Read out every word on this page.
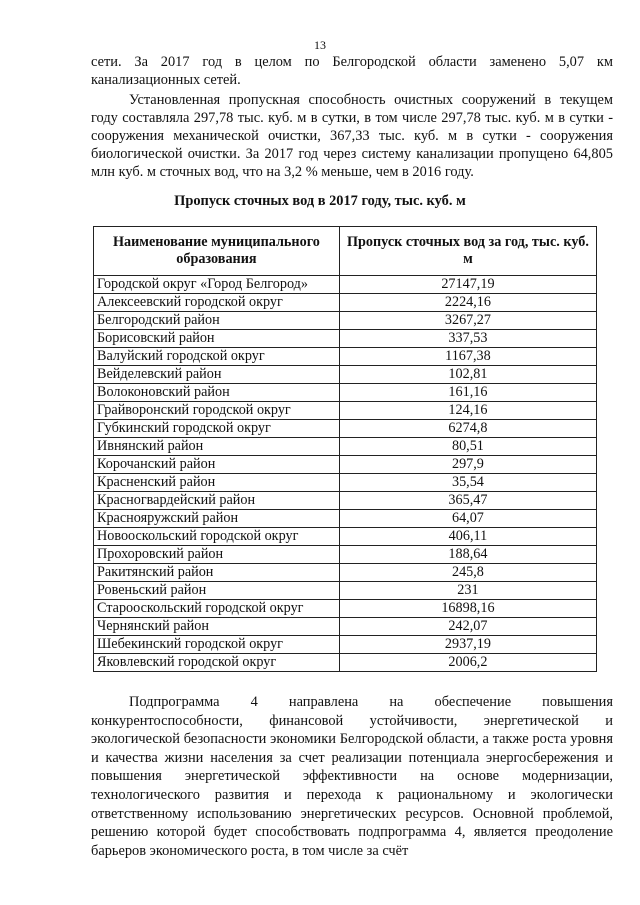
13

сети. За 2017 год в целом по Белгородской области заменено 5,07 км канализационных сетей.

Установленная пропускная способность очистных сооружений в текущем году составляла 297,78 тыс. куб. м в сутки, в том числе 297,78 тыс. куб. м в сутки - сооружения механической очистки, 367,33 тыс. куб. м в сутки - сооружения биологической очистки. За 2017 год через систему канализации пропущено 64,805 млн куб. м сточных вод, что на 3,2 % меньше, чем в 2016 году.

Пропуск сточных вод в 2017 году, тыс. куб. м
Наименование муниципального образования	Пропуск сточных вод за год, тыс. куб. м
Городской округ «Город Белгород»	27147,19
Алексеевский городской округ	2224,16
Белгородский район	3267,27
Борисовский район	337,53
Валуйский городской округ	1167,38
Вейделевский район	102,81
Волоконовский район	161,16
Грайворонский городской округ	124,16
Губкинский городской округ	6274,8
Ивнянский район	80,51
Корочанский район	297,9
Красненский район	35,54
Красногвардейский район	365,47
Краснояружский район	64,07
Новооскольский городской округ	406,11
Прохоровский район	188,64
Ракитянский район	245,8
Ровеньский район	231
Старооскольский городской округ	16898,16
Чернянский район	242,07
Шебекинский городской округ	2937,19
Яковлевский городской округ	2006,2

Подпрограмма 4 направлена на обеспечение повышения конкурентоспособности, финансовой устойчивости, энергетической и экологической безопасности экономики Белгородской области, а также роста уровня и качества жизни населения за счет реализации потенциала энергосбережения и повышения энергетической эффективности на основе модернизации, технологического развития и перехода к рациональному и экологически ответственному использованию энергетических ресурсов. Основной проблемой, решению которой будет способствовать подпрограмма 4, является преодоление барьеров экономического роста, в том числе за счёт
